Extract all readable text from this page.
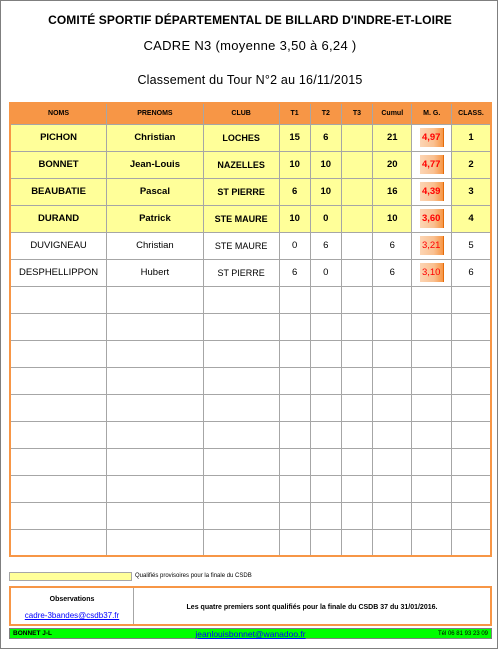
COMITÉ SPORTIF DÉPARTEMENTAL DE BILLARD D'INDRE-ET-LOIRE
CADRE N3 (moyenne 3,50 à 6,24 )
Classement du Tour N°2 au 16/11/2015
NOMS	PRENOMS	CLUB	T1	T2	T3	Cumul	M. G.	CLASS.
PICHON	Christian	LOCHES	15	6		21	4,97	1
BONNET	Jean-Louis	NAZELLES	10	10		20	4,77	2
BEAUBATIE	Pascal	ST PIERRE	6	10		16	4,39	3
DURAND	Patrick	STE MAURE	10	0		10	3,60	4
DUVIGNEAU	Christian	STE MAURE	0	6		6	3,21	5
DESPHELLIPPON	Hubert	ST PIERRE	6	0		6	3,10	6

Qualifiés provisoires pour la finale du CSDB
Observations
cadre-3bandes@csdb37.fr
Les quatre premiers sont qualifiés pour la finale du CSDB 37 du 31/01/2016.
BONNET J-L	jeanlouisbonnet@wanadoo.fr	Tél 06 81 93 23 09
